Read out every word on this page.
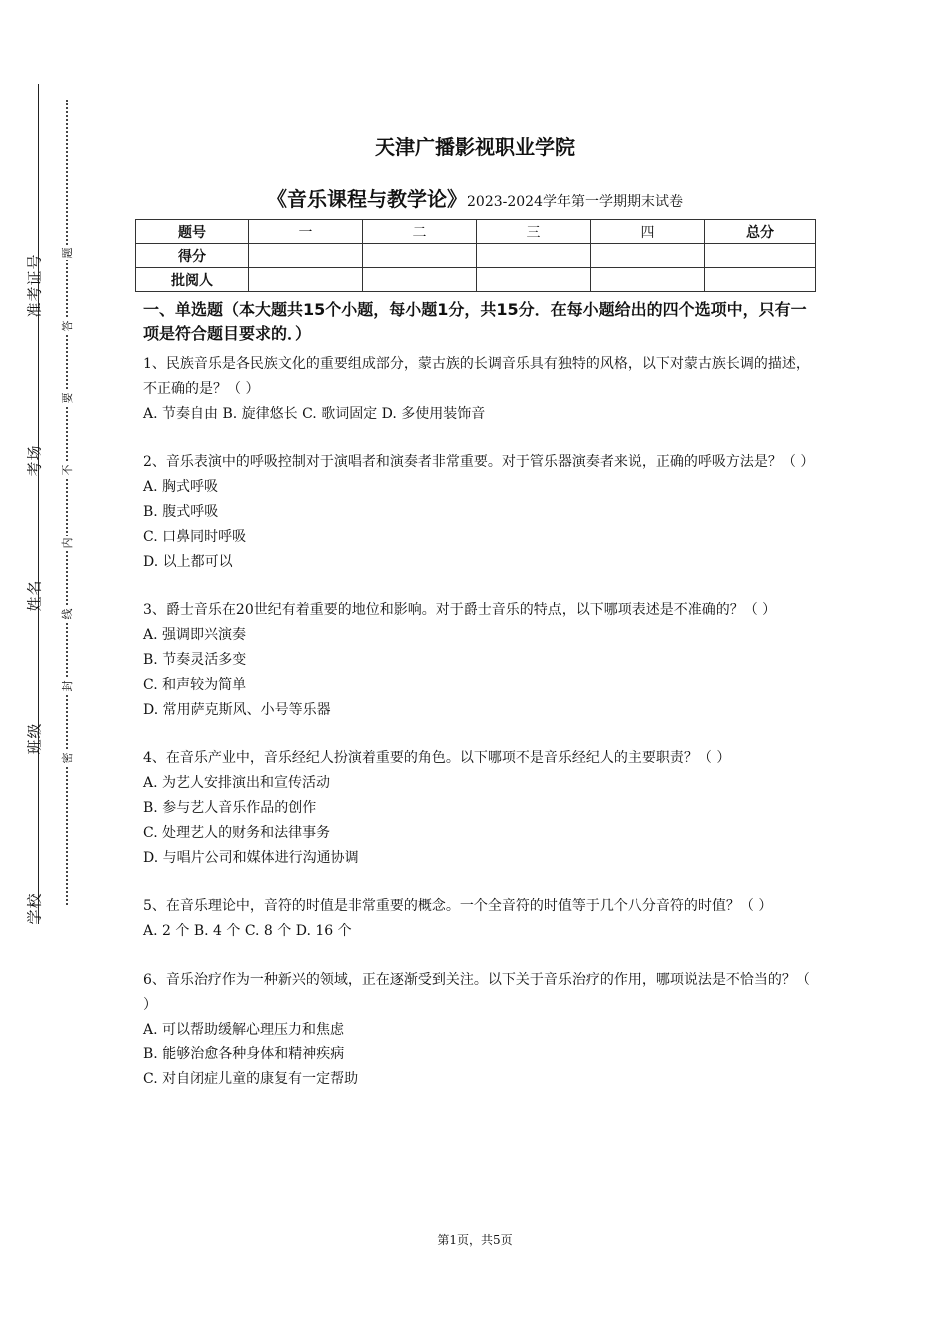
准考证号
考场
姓名
班级
学校
题
答
要
不
内
线
封
密
天津广播影视职业学院
《音乐课程与教学论》2023-2024学年第一学期期末试卷
题号	一	二	三	四	总分
得分					
批阅人					
一、单选题（本大题共15个小题，每小题1分，共15分．在每小题给出的四个选项中，只有一项是符合题目要求的．）

1、民族音乐是各民族文化的重要组成部分，蒙古族的长调音乐具有独特的风格，以下对蒙古族长调的描述，不正确的是？（ ）

A. 节奏自由 B. 旋律悠长 C. 歌词固定 D. 多使用装饰音

2、音乐表演中的呼吸控制对于演唱者和演奏者非常重要。对于管乐器演奏者来说，正确的呼吸方法是？（ ）

A. 胸式呼吸

B. 腹式呼吸

C. 口鼻同时呼吸

D. 以上都可以

3、爵士音乐在20世纪有着重要的地位和影响。对于爵士音乐的特点，以下哪项表述是不准确的？（ ）

A. 强调即兴演奏

B. 节奏灵活多变

C. 和声较为简单

D. 常用萨克斯风、小号等乐器

4、在音乐产业中，音乐经纪人扮演着重要的角色。以下哪项不是音乐经纪人的主要职责？（ ）

A. 为艺人安排演出和宣传活动

B. 参与艺人音乐作品的创作

C. 处理艺人的财务和法律事务

D. 与唱片公司和媒体进行沟通协调

5、在音乐理论中，音符的时值是非常重要的概念。一个全音符的时值等于几个八分音符的时值？（ ）

A. 2 个 B. 4 个 C. 8 个 D. 16 个

6、音乐治疗作为一种新兴的领域，正在逐渐受到关注。以下关于音乐治疗的作用，哪项说法是不恰当的？（ ）

A. 可以帮助缓解心理压力和焦虑

B. 能够治愈各种身体和精神疾病

C. 对自闭症儿童的康复有一定帮助

第1页，共5页
